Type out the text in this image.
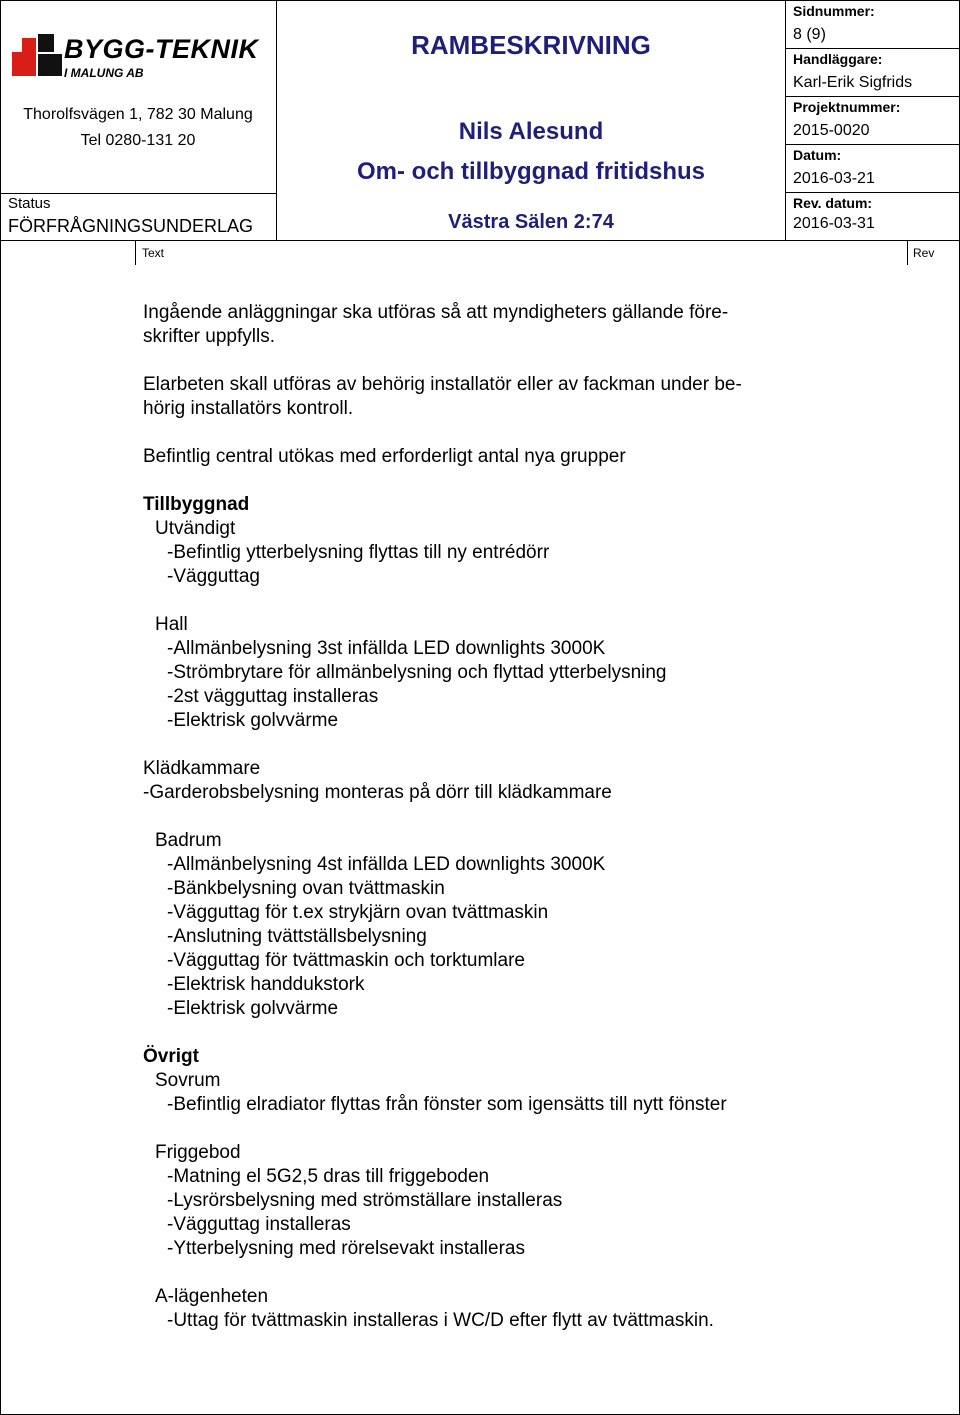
BYGG-TEKNIK
I MALUNG AB
Thorolfsvägen 1, 782 30 Malung
Tel 0280-131 20
Status
FÖRFRÅGNINGSUNDERLAG
RAMBESKRIVNING
Nils Alesund
Om- och tillbyggnad fritidshus
Västra Sälen 2:74
Sidnummer:
8 (9)
Handläggare:
Karl-Erik Sigfrids
Projektnummer:
2015-0020
Datum:
2016-03-21
Rev. datum:
2016-03-31
Text	Rev
Ingående anläggningar ska utföras så att myndigheters gällande före-
skrifter uppfylls.
Elarbeten skall utföras av behörig installatör eller av fackman under be-
hörig installatörs kontroll.
Befintlig central utökas med erforderligt antal nya grupper
Tillbyggnad
Utvändigt
-Befintlig ytterbelysning flyttas till ny entrédörr
-Vägguttag
Hall
-Allmänbelysning 3st infällda LED downlights 3000K
-Strömbrytare för allmänbelysning och flyttad ytterbelysning
-2st vägguttag installeras
-Elektrisk golvvärme
Klädkammare
-Garderobsbelysning monteras på dörr till klädkammare
Badrum
-Allmänbelysning 4st infällda LED downlights 3000K
-Bänkbelysning ovan tvättmaskin
-Vägguttag för t.ex strykjärn ovan tvättmaskin
-Anslutning tvättställsbelysning
-Vägguttag för tvättmaskin och torktumlare
-Elektrisk handdukstork
-Elektrisk golvvärme
Övrigt
Sovrum
-Befintlig elradiator flyttas från fönster som igensätts till nytt fönster
Friggebod
-Matning el 5G2,5 dras till friggeboden
-Lysrörsbelysning med strömställare installeras
-Vägguttag installeras
-Ytterbelysning med rörelsevakt installeras
A-lägenheten
-Uttag för tvättmaskin installeras i WC/D efter flytt av tvättmaskin.
